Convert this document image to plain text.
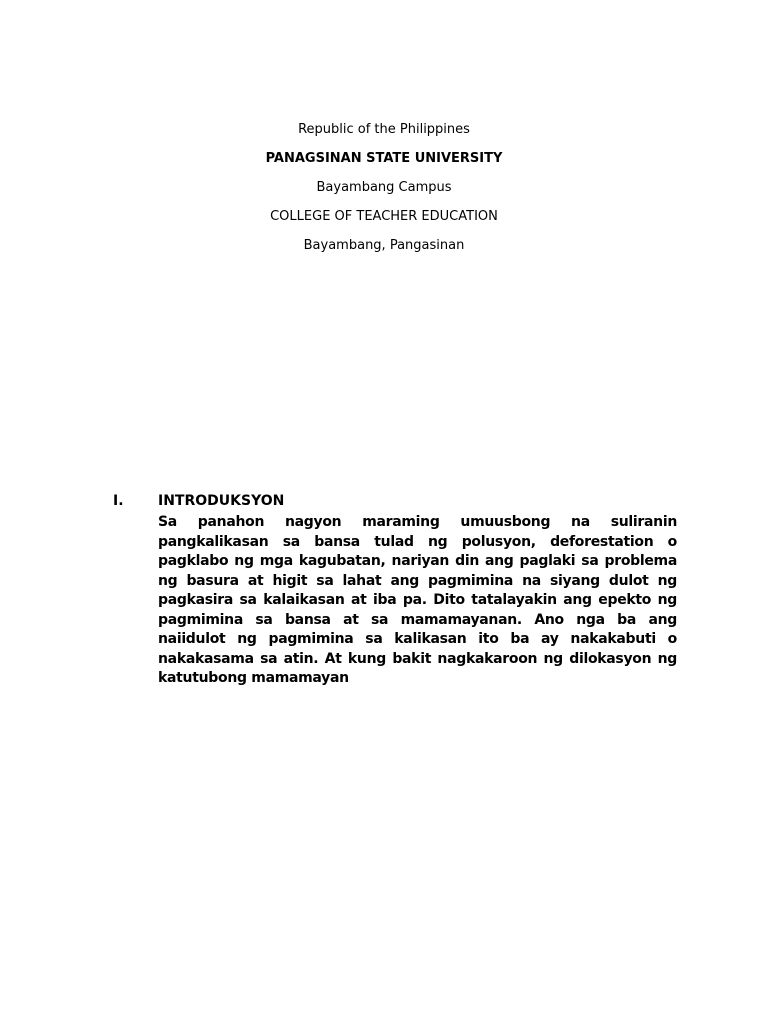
Republic of the Philippines
PANAGSINAN STATE UNIVERSITY
Bayambang Campus
COLLEGE OF TEACHER EDUCATION
Bayambang, Pangasinan
I. INTRODUKSYON
Sa panahon nagyon maraming umuusbong na suliranin pangkalikasan sa bansa tulad ng polusyon, deforestation o pagklabo ng mga kagubatan, nariyan din ang paglaki sa problema ng basura at higit sa lahat ang pagmimina na siyang dulot ng pagkasira sa kalaikasan at iba pa. Dito tatalayakin ang epekto ng pagmimina sa bansa at sa mamamayanan. Ano nga ba ang naiidulot ng pagmimina sa kalikasan ito ba ay nakakabuti o nakakasama sa atin. At kung bakit nagkakaroon ng dilokasyon ng katutubong mamamayan
